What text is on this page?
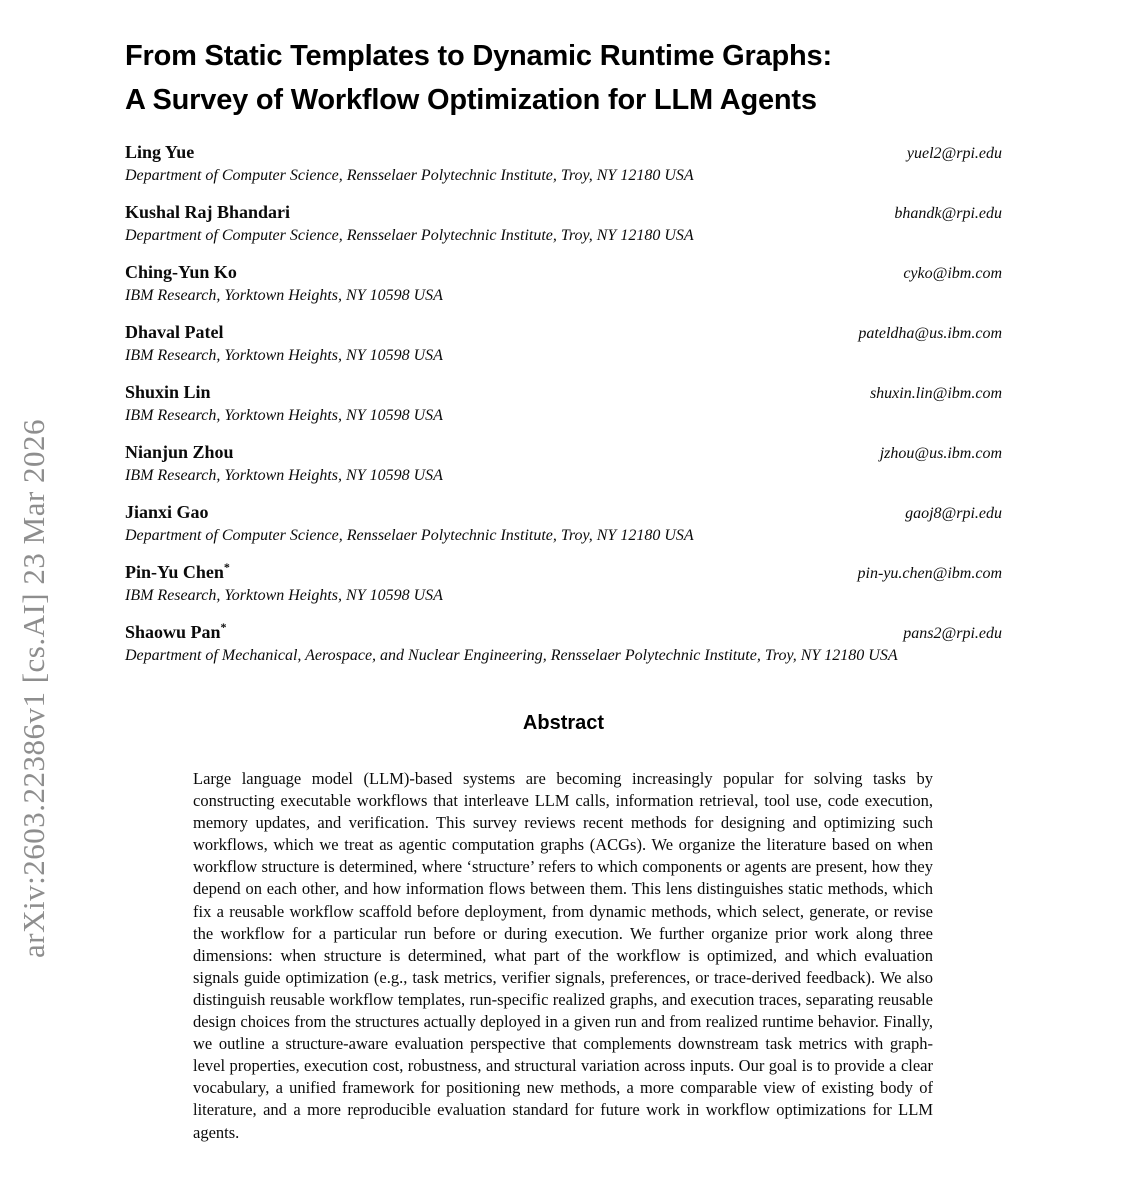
arXiv:2603.22386v1 [cs.AI] 23 Mar 2026
From Static Templates to Dynamic Runtime Graphs:
A Survey of Workflow Optimization for LLM Agents
Ling Yue	yuel2@rpi.edu
Department of Computer Science, Rensselaer Polytechnic Institute, Troy, NY 12180 USA
Kushal Raj Bhandari	bhandk@rpi.edu
Department of Computer Science, Rensselaer Polytechnic Institute, Troy, NY 12180 USA
Ching-Yun Ko	cyko@ibm.com
IBM Research, Yorktown Heights, NY 10598 USA
Dhaval Patel	pateldha@us.ibm.com
IBM Research, Yorktown Heights, NY 10598 USA
Shuxin Lin	shuxin.lin@ibm.com
IBM Research, Yorktown Heights, NY 10598 USA
Nianjun Zhou	jzhou@us.ibm.com
IBM Research, Yorktown Heights, NY 10598 USA
Jianxi Gao	gaoj8@rpi.edu
Department of Computer Science, Rensselaer Polytechnic Institute, Troy, NY 12180 USA
Pin-Yu Chen*	pin-yu.chen@ibm.com
IBM Research, Yorktown Heights, NY 10598 USA
Shaowu Pan*	pans2@rpi.edu
Department of Mechanical, Aerospace, and Nuclear Engineering, Rensselaer Polytechnic Institute, Troy, NY 12180 USA
Abstract

Large language model (LLM)-based systems are becoming increasingly popular for solving tasks by constructing executable workflows that interleave LLM calls, information retrieval, tool use, code execution, memory updates, and verification. This survey reviews recent methods for designing and optimizing such workflows, which we treat as agentic computation graphs (ACGs). We organize the literature based on when workflow structure is determined, where ‘structure’ refers to which components or agents are present, how they depend on each other, and how information flows between them. This lens distinguishes static methods, which fix a reusable workflow scaffold before deployment, from dynamic methods, which select, generate, or revise the workflow for a particular run before or during execution. We further organize prior work along three dimensions: when structure is determined, what part of the workflow is optimized, and which evaluation signals guide optimization (e.g., task metrics, verifier signals, preferences, or trace-derived feedback). We also distinguish reusable workflow templates, run-specific realized graphs, and execution traces, separating reusable design choices from the structures actually deployed in a given run and from realized runtime behavior. Finally, we outline a structure-aware evaluation perspective that complements downstream task metrics with graph-level properties, execution cost, robustness, and structural variation across inputs. Our goal is to provide a clear vocabulary, a unified framework for positioning new methods, a more comparable view of existing body of literature, and a more reproducible evaluation standard for future work in workflow optimizations for LLM agents.
